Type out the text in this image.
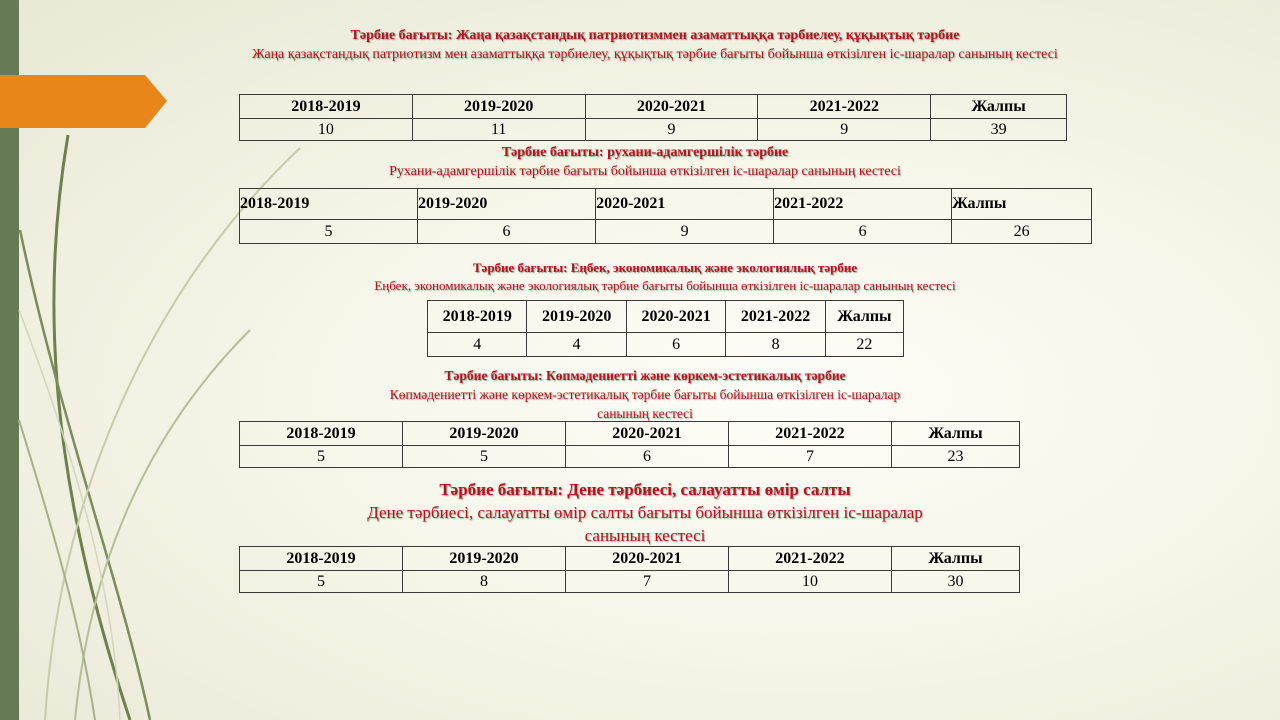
Тәрбие бағыты: Жаңа қазақстандық патриотизммен азаматтыққа тәрбиелеу, құқықтық тәрбие
Жаңа қазақстандық патриотизм мен азаматтыққа тәрбиелеу, құқықтық тәрбие бағыты бойынша өткізілген іс-шаралар санының кестесі
2018-2019	2019-2020	2020-2021	2021-2022	Жалпы
10	11	9	9	39
Тәрбие бағыты: рухани-адамгершілік тәрбие
Рухани-адамгершілік тәрбие бағыты бойынша өткізілген іс-шаралар санының кестесі
2018-2019	2019-2020	2020-2021	2021-2022	Жалпы
5	6	9	6	26
Тәрбие бағыты: Еңбек, экономикалық және экологиялық тәрбие
Еңбек, экономикалық және экологиялық тәрбие бағыты бойынша өткізілген іс-шаралар санының кестесі
2018-2019	2019-2020	2020-2021	2021-2022	Жалпы
4	4	6	8	22
Тәрбие бағыты: Көпмәдениетті және көркем-эстетикалық тәрбие
Көпмәдениетті және көркем-эстетикалық тәрбие бағыты бойынша өткізілген іс-шаралар
санының кестесі
2018-2019	2019-2020	2020-2021	2021-2022	Жалпы
5	5	6	7	23
Тәрбие бағыты: Дене тәрбиесі, салауатты өмір салты
Дене тәрбиесі, салауатты өмір салты бағыты бойынша өткізілген іс-шаралар
санының кестесі
2018-2019	2019-2020	2020-2021	2021-2022	Жалпы
5	8	7	10	30
